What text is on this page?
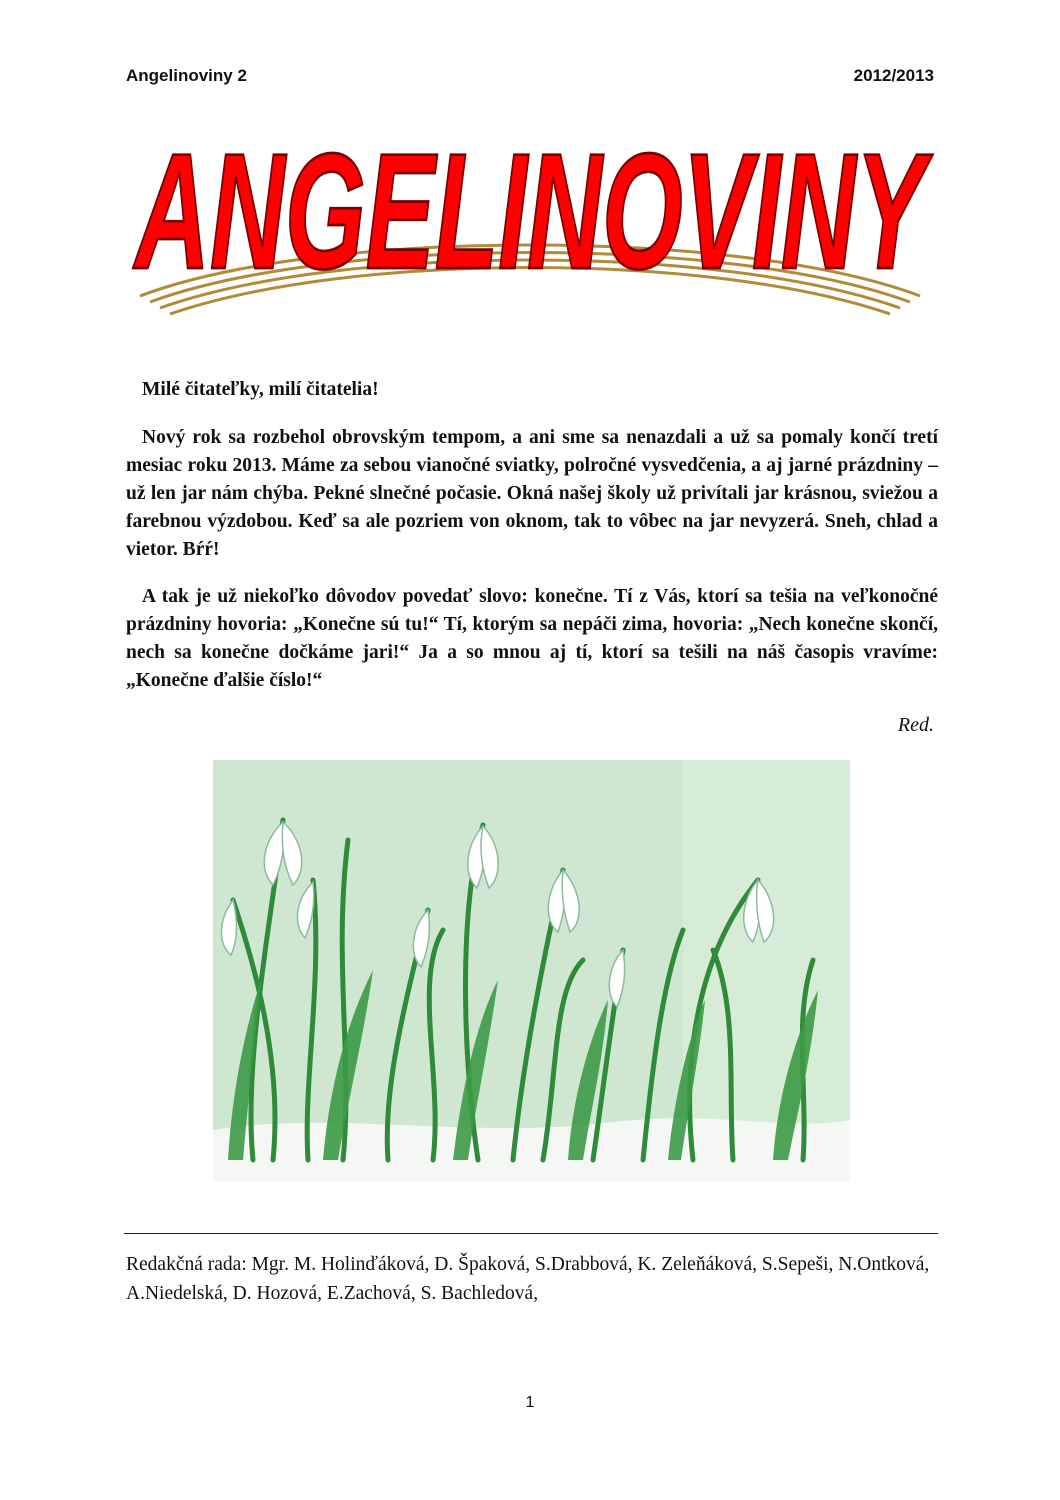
Angelinoviny 2	2012/2013
ANGELINOVINY
Milé čitateľky, milí čitatelia!
Nový rok sa rozbehol obrovským tempom, a ani sme sa nenazdali a už sa pomaly končí tretí mesiac roku 2013. Máme za sebou vianočné sviatky, polročné vysvedčenia, a aj jarné prázdniny – už len jar nám chýba. Pekné slnečné počasie. Okná našej školy už privítali jar krásnou, sviežou a farebnou výzdobou. Keď sa ale pozriem von oknom, tak to vôbec na jar nevyzerá. Sneh, chlad a vietor. Bŕŕ!
A tak je už niekoľko dôvodov povedať slovo: konečne. Tí z Vás, ktorí sa tešia na veľkonočné prázdniny hovoria: „Konečne sú tu!“ Tí, ktorým sa nepáči zima, hovoria: „Nech konečne skončí, nech sa konečne dočkáme jari!“ Ja a so mnou aj tí, ktorí sa tešili na náš časopis vravíme: „Konečne ďalšie číslo!“
Red.
Redakčná rada: Mgr. M. Holinďáková, D. Špaková, S.Drabbová, K. Zeleňáková, S.Sepeši, N.Ontková, A.Niedelská, D. Hozová, E.Zachová, S. Bachledová,
1
